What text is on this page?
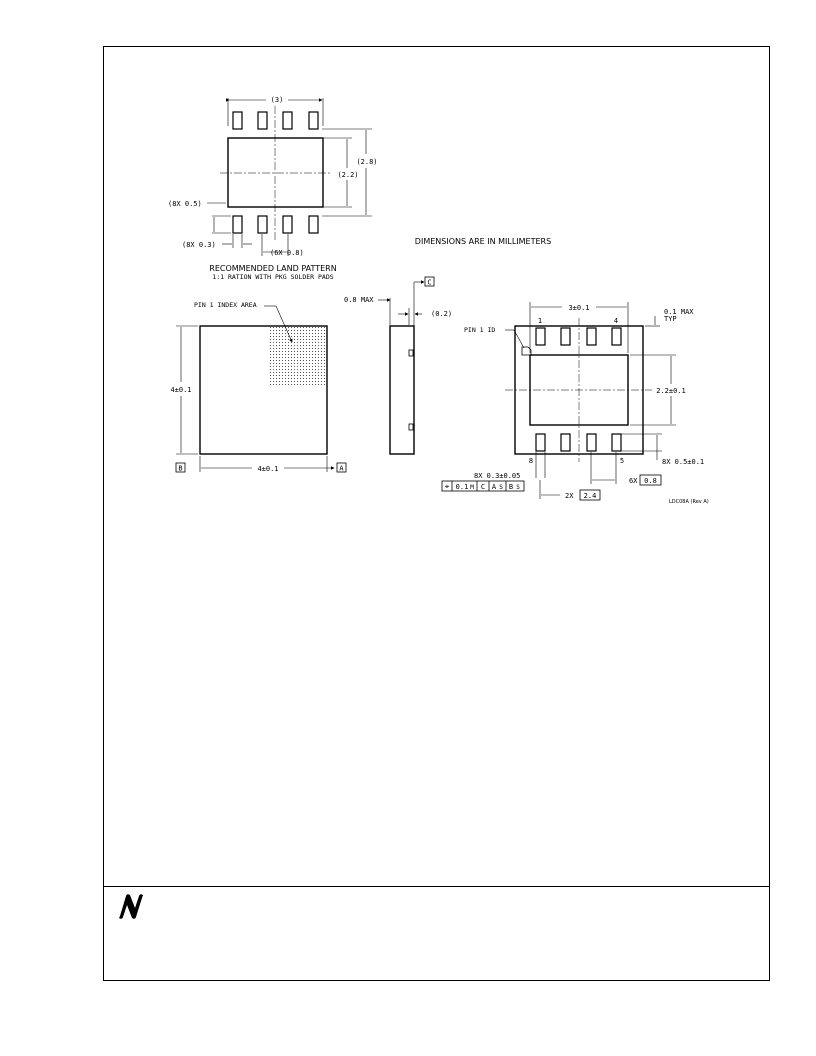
(3)
(2.8)
(2.2)
(8X 0.5)
(8X 0.3)
(6X 0.8)
RECOMMENDED LAND PATTERN
1:1 RATION WITH PKG SOLDER PADS
DIMENSIONS ARE IN MILLIMETERS
PIN 1 INDEX AREA
4±0.1
4±0.1
B	A
C
0.8 MAX
(0.2)
3±0.1	0.1 MAX
TYP
PIN 1 ID
1	4
8	5
2.2±0.1
8X 0.5±0.1
8X 0.3±0.05
⌖ 0.1 M C A S B S
6X 0.8
2X 2.4
LDC08A (Rev A)
